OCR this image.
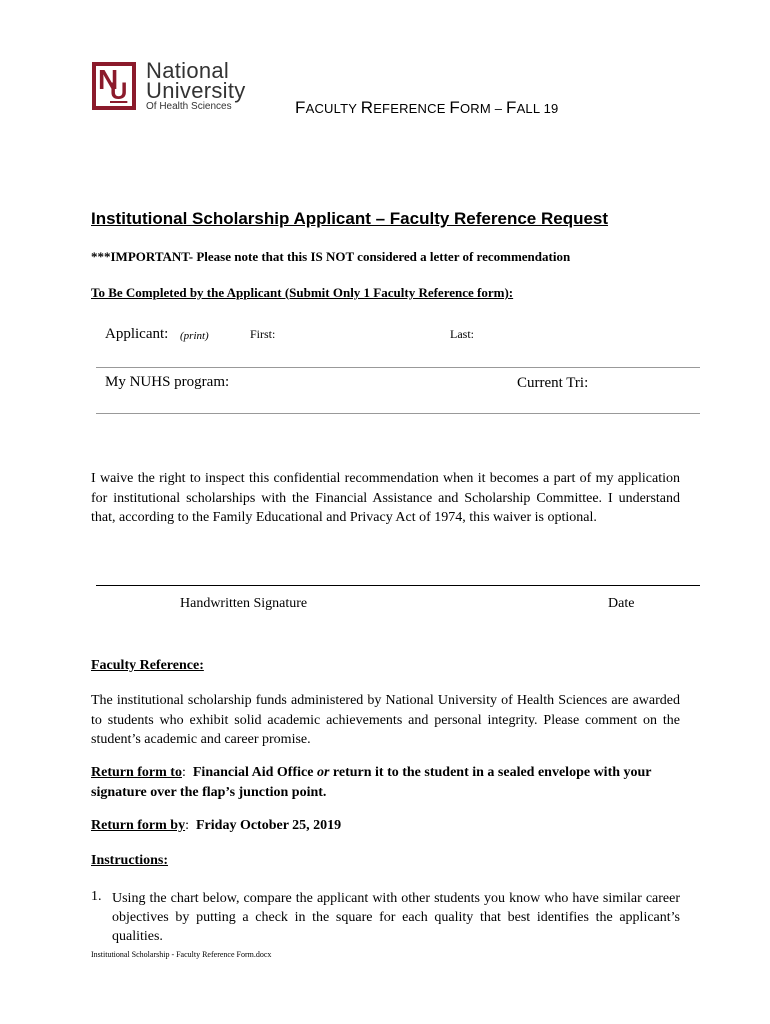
N
U
National
University
Of Health Sciences	FACULTY REFERENCE FORM – FALL 19
Institutional Scholarship Applicant – Faculty Reference Request
***IMPORTANT- Please note that this IS NOT considered a letter of recommendation
To Be Completed by the Applicant (Submit Only 1 Faculty Reference form):
Applicant: (print)	First:	Last:
My NUHS program:	Current Tri:
I waive the right to inspect this confidential recommendation when it becomes a part of my application for institutional scholarships with the Financial Assistance and Scholarship Committee. I understand that, according to the Family Educational and Privacy Act of 1974, this waiver is optional.
Handwritten Signature	Date
Faculty Reference:
The institutional scholarship funds administered by National University of Health Sciences are awarded to students who exhibit solid academic achievements and personal integrity. Please comment on the student’s academic and career promise.
Return form to:  Financial Aid Office or return it to the student in a sealed envelope with your signature over the flap’s junction point.
Return form by:  Friday October 25, 2019
Instructions:
1. Using the chart below, compare the applicant with other students you know who have similar career objectives by putting a check in the square for each quality that best identifies the applicant’s qualities.
Institutional Scholarship - Faculty Reference Form.docx
